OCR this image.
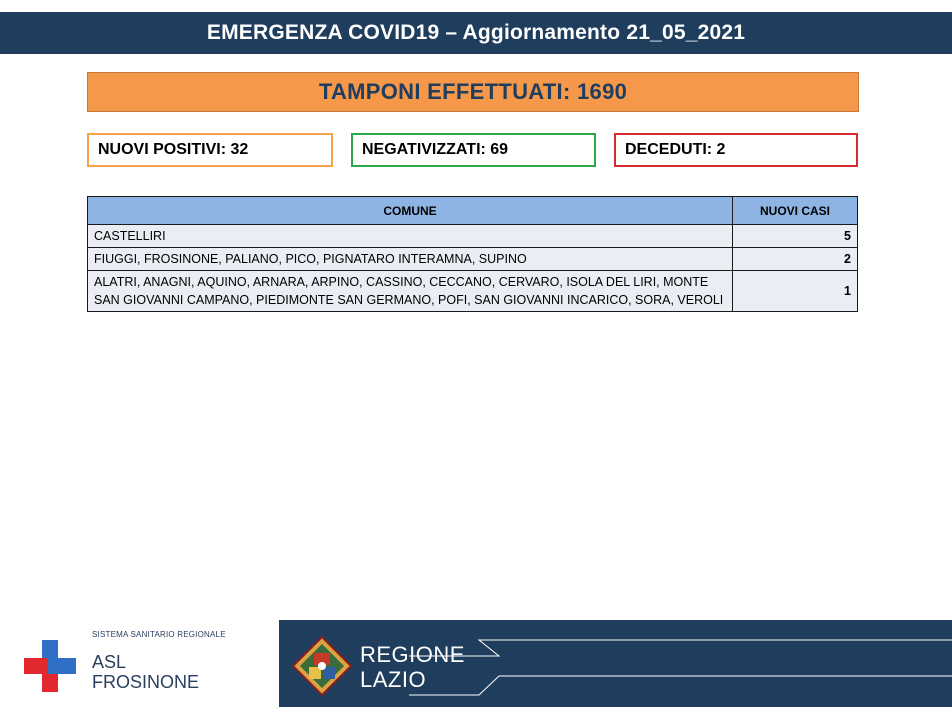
EMERGENZA COVID19 – Aggiornamento 21_05_2021
TAMPONI EFFETTUATI: 1690
NUOVI POSITIVI: 32	NEGATIVIZZATI: 69	DECEDUTI: 2
COMUNE	NUOVI CASI
CASTELLIRI	5
FIUGGI, FROSINONE, PALIANO, PICO, PIGNATARO INTERAMNA, SUPINO	2
ALATRI, ANAGNI, AQUINO, ARNARA, ARPINO, CASSINO, CECCANO, CERVARO, ISOLA DEL LIRI, MONTE SAN GIOVANNI CAMPANO, PIEDIMONTE SAN GERMANO, POFI, SAN GIOVANNI INCARICO, SORA, VEROLI	1
SISTEMA SANITARIO REGIONALE
ASL
FROSINONE
REGIONE
LAZIO
